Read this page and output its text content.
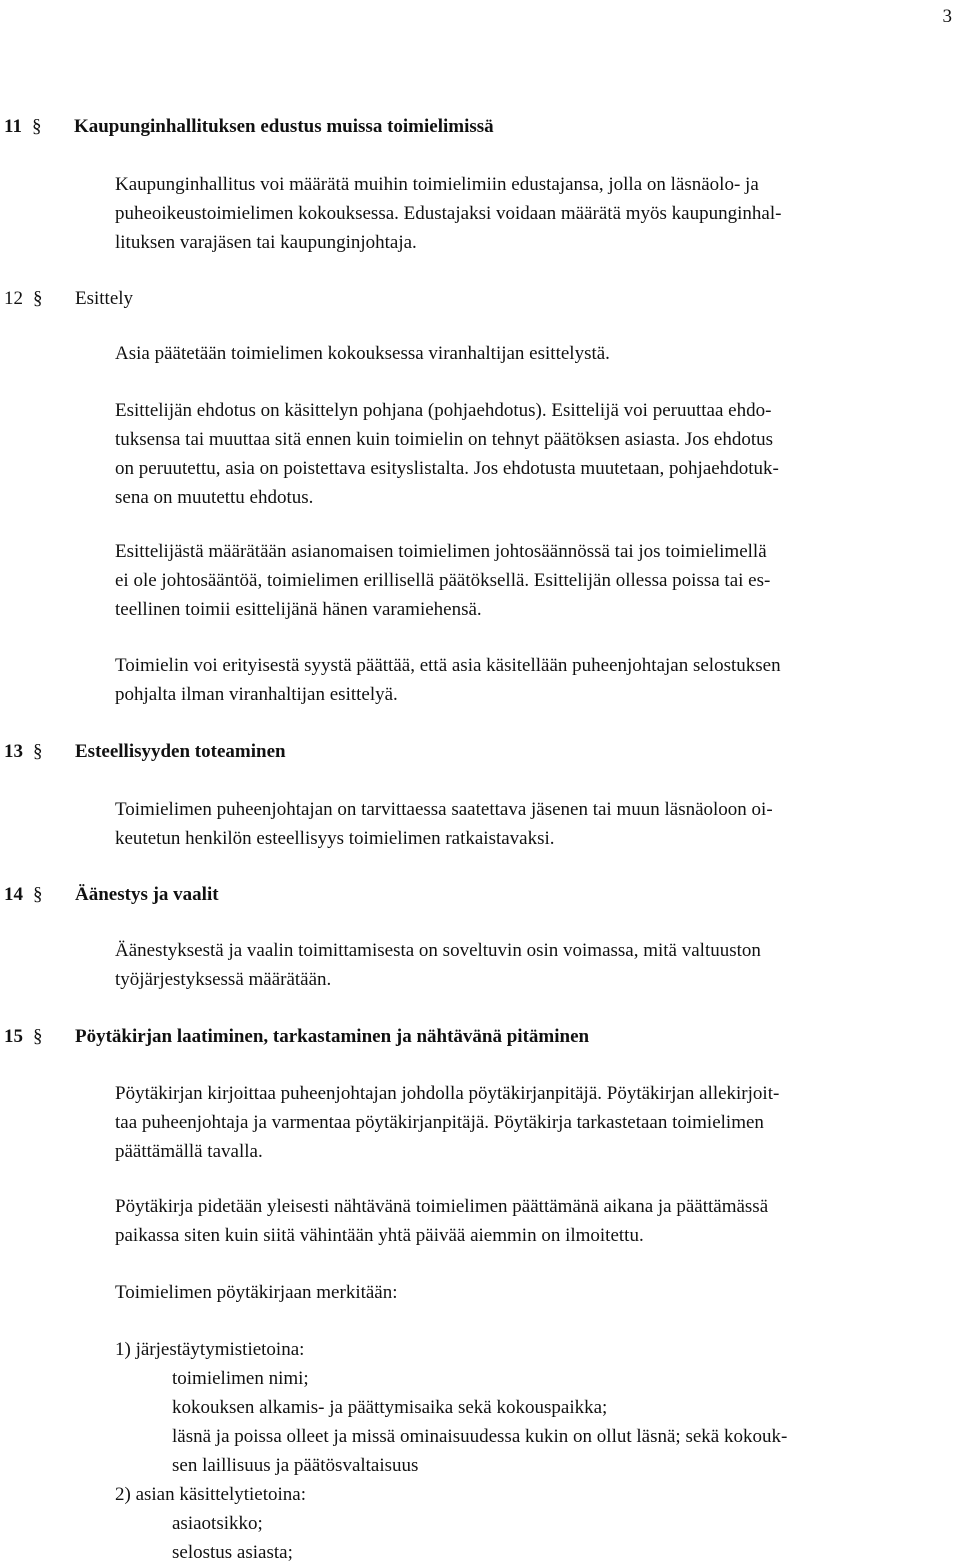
3
11 §	Kaupunginhallituksen edustus muissa toimielimissä

Kaupunginhallitus voi määrätä muihin toimielimiin edustajansa, jolla on läsnäolo- ja
puheoikeustoimielimen kokouksessa. Edustajaksi voidaan määrätä myös kaupunginhal-
lituksen varajäsen tai kaupunginjohtaja.

12 §	Esittely

Asia päätetään toimielimen kokouksessa viranhaltijan esittelystä.

Esittelijän ehdotus on käsittelyn pohjana (pohjaehdotus). Esittelijä voi peruuttaa ehdo-
tuksensa tai muuttaa sitä ennen kuin toimielin on tehnyt päätöksen asiasta. Jos ehdotus
on peruutettu, asia on poistettava esityslistalta. Jos ehdotusta muutetaan, pohjaehdotuk-
sena on muutettu ehdotus.

Esittelijästä määrätään asianomaisen toimielimen johtosäännössä tai jos toimielimellä
ei ole johtosääntöä, toimielimen erillisellä päätöksellä. Esittelijän ollessa poissa tai es-
teellinen toimii esittelijänä hänen varamiehensä.

Toimielin voi erityisestä syystä päättää, että asia käsitellään puheenjohtajan selostuksen
pohjalta ilman viranhaltijan esittelyä.

13 §	Esteellisyyden toteaminen

Toimielimen puheenjohtajan on tarvittaessa saatettava jäsenen tai muun läsnäoloon oi-
keutetun henkilön esteellisyys toimielimen ratkaistavaksi.

14 §	Äänestys ja vaalit

Äänestyksestä ja vaalin toimittamisesta on soveltuvin osin voimassa, mitä valtuuston
työjärjestyksessä määrätään.

15 §	Pöytäkirjan laatiminen, tarkastaminen ja nähtävänä pitäminen

Pöytäkirjan kirjoittaa puheenjohtajan johdolla pöytäkirjanpitäjä. Pöytäkirjan allekirjoit-
taa puheenjohtaja ja varmentaa pöytäkirjanpitäjä. Pöytäkirja tarkastetaan toimielimen
päättämällä tavalla.

Pöytäkirja pidetään yleisesti nähtävänä toimielimen päättämänä aikana ja päättämässä
paikassa siten kuin siitä vähintään yhtä päivää aiemmin on ilmoitettu.

Toimielimen pöytäkirjaan merkitään:

1) järjestäytymistietoina:
toimielimen nimi;
kokouksen alkamis- ja päättymisaika sekä kokouspaikka;
läsnä ja poissa olleet ja missä ominaisuudessa kukin on ollut läsnä; sekä kokouk-
sen laillisuus ja päätösvaltaisuus
2) asian käsittelytietoina:
asiaotsikko;
selostus asiasta;
